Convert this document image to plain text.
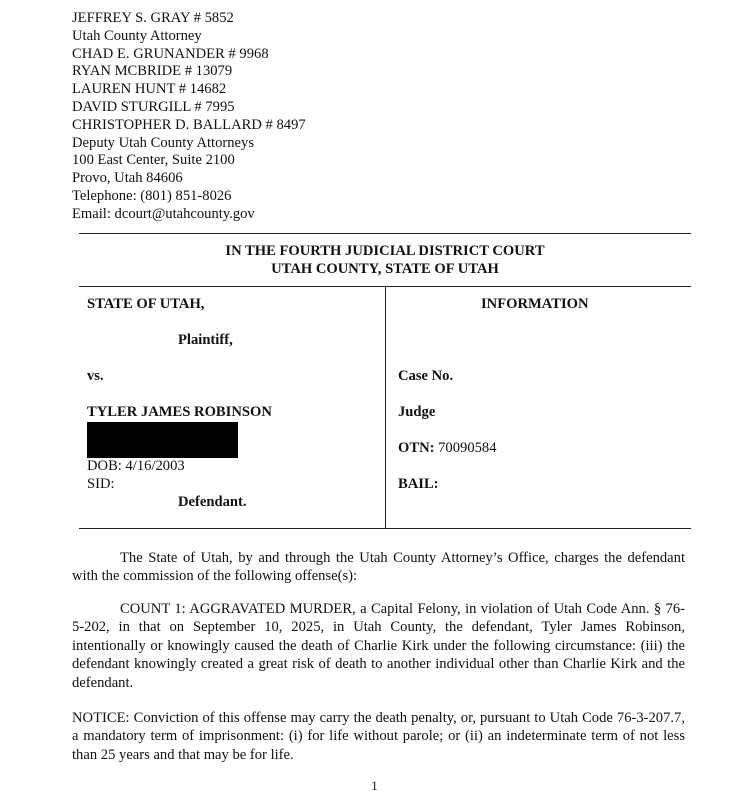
JEFFREY S. GRAY # 5852
Utah County Attorney
CHAD E. GRUNANDER # 9968
RYAN MCBRIDE # 13079
LAUREN HUNT # 14682
DAVID STURGILL # 7995
CHRISTOPHER D. BALLARD # 8497
Deputy Utah County Attorneys
100 East Center, Suite 2100
Provo, Utah 84606
Telephone: (801) 851-8026
Email: dcourt@utahcounty.gov
IN THE FOURTH JUDICIAL DISTRICT COURT
UTAH COUNTY, STATE OF UTAH
STATE OF UTAH,
Plaintiff,
vs.
TYLER JAMES ROBINSON
DOB: 4/16/2003
SID:
Defendant.
INFORMATION
Case No.
Judge
OTN: 70090584
BAIL:
The State of Utah, by and through the Utah County Attorney’s Office, charges the defendant with the commission of the following offense(s):
COUNT 1: AGGRAVATED MURDER, a Capital Felony, in violation of Utah Code Ann. § 76-5-202, in that on September 10, 2025, in Utah County, the defendant, Tyler James Robinson, intentionally or knowingly caused the death of Charlie Kirk under the following circumstance: (iii) the defendant knowingly created a great risk of death to another individual other than Charlie Kirk and the defendant.
NOTICE: Conviction of this offense may carry the death penalty, or, pursuant to Utah Code 76-3-207.7, a mandatory term of imprisonment: (i) for life without parole; or (ii) an indeterminate term of not less than 25 years and that may be for life.
1
